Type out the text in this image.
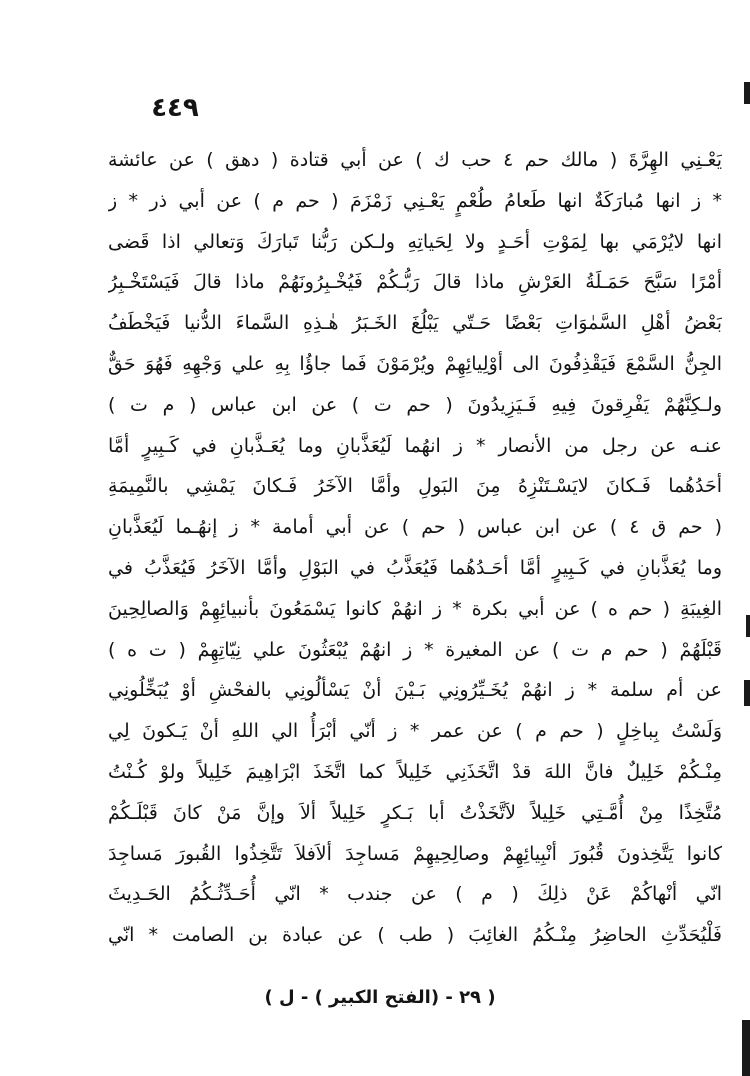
٤٤٩
يَعْـنِي الهِرَّةَ ( مالك حم ٤ حب ك ) عن أبي قتادة ( دهق ) عن عائشة
* ز انها مُبارَكَةٌ انها طَعامُ طُعْمٍ يَعْـنِي زَمْزَمَ ( حم م ) عن أبي ذر * ز
انها لايُرْمَي بها لِمَوْتِ أحَـدٍ ولا لِحَياتِهِ ولـكن رَبُّنا تَبارَكَ وَتعالي اذا قَضى
أمْرًا سَبَّحَ حَمَـلَةُ العَرْشِ ماذا قالَ رَبُّـكُمْ فَيُخْـبِرُونَهُمْ ماذا قالَ فَيَسْتَخْـبِرُ
بَعْضُ أهْلِ السَّمٰوَاتِ بَعْضًا حَـتّي يَبْلُغَ الخَـبَرُ هٰـذِهِ السَّماءَ الدُّنيا فَيَخْطَفُ
الجِنُّ السَّمْعَ فَيَقْذِفُونَ الى أوْلِيائِهِمْ ويُرْمَوْنَ فَما جاؤُا بِهِ علي وَجْهِهِ فَهُوَ حَقٌّ
ولـكِنَّهُمْ يَفْرِقونَ فِيهِ فَـيَزِيدُونَ ( حم ت ) عن ابن عباس ( م ت )
عنـه عن رجل من الأنصار * ز انهُما لَيُعَذَّبانِ وما يُعَـذَّبانِ في كَـبِيرٍ أمَّا
أحَدُهُما فَـكانَ لايَسْـتَنْزِهُ مِنَ البَولِ وأمَّا الآخَرُ فَـكانَ يَمْشِي بالنَّمِيمَةِ
( حم ق ٤ ) عن ابن عباس ( حم ) عن أبي أمامة * ز إنهُـما لَيُعَذَّبانِ
وما يُعَذَّبانِ في كَـبِيرٍ أمَّا أحَـدُهُما فَيُعَذَّبُ في البَوْلِ وأمَّا الآخَرُ فَيُعَذَّبُ في
الغِيبَةِ ( حم ه ) عن أبي بكرة * ز انهُمْ كانوا يَسْمَعُونَ بأنبيائِهِمْ وَالصالِحِينَ
قَبْلَهُمْ ( حم م ت ) عن المغيرة * ز انهُمْ يُبْعَثُونَ علي نِيّاتِهِمْ ( ت ه )
عن أم سلمة * ز انهُمْ يُخَـيِّرُونِي بَـيْنَ أنْ يَسْألُونِي بالفحْشِ أوْ يُبَخِّلُونِي
وَلَسْتُ بِباخِلٍ ( حم م ) عن عمر * ز أنّي أبْرَأُ الي اللهِ أنْ يَـكونَ لِي
مِنْـكُمْ خَلِيلٌ فانَّ اللهَ قدْ اتَّخَذَنِي خَلِيلاً كما اتَّخَذَ ابْرَاهِيمَ خَلِيلاً ولوْ كُـنْتُ
مُتَّخِذًا مِنْ أُمَّـتِي خَلِيلاً لاَتَّخَذْتُ أبا بَـكرٍ خَلِيلاً ألاَ وإنَّ مَنْ كانَ قَبْلَـكُمْ
كانوا يَتَّخِذونَ قُبُورَ أنْبِيائِهِمْ وصالِحِيهِمْ مَساجِدَ ألاَفلاَ تَتَّخِذُوا القُبورَ مَساجِدَ
انّي أنْهاكُمْ عَنْ ذلِكَ ( م ) عن جندب * انّي أُحَـدِّثُـكُمُ الحَـدِيثَ
فَلْيُحَدِّثِ الحاضِرُ مِنْـكُمُ الغائِبَ ( طب ) عن عبادة بن الصامت * انّي
( ٢٩ - (الفتح الكبير ) - ل )
